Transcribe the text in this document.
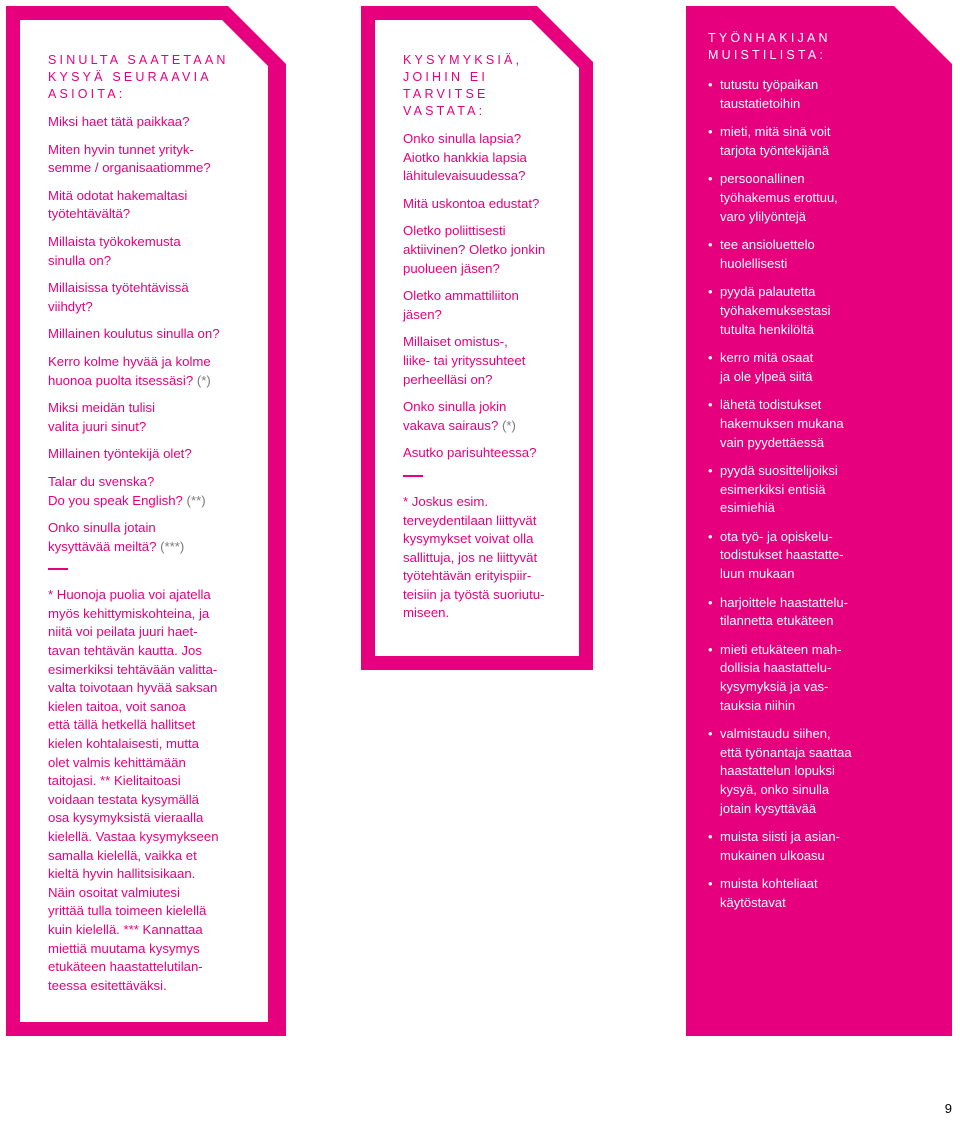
SINULTA SAATETAAN KYSYÄ SEURAAVIA ASIOITA:
Miksi haet tätä paikkaa?
Miten hyvin tunnet yrityk-
semme / organisaatiomme?
Mitä odotat hakemaltasi
työtehtävältä?
Millaista työkokemusta
sinulla on?
Millaisissa työtehtävissä
viihdyt?
Millainen koulutus sinulla on?
Kerro kolme hyvää ja kolme
huonoa puolta itsessäsi? (*)
Miksi meidän tulisi
valita juuri sinut?
Millainen työntekijä olet?
Talar du svenska?
Do you speak English? (**)
Onko sinulla jotain
kysyttävää meiltä? (***)
* Huonoja puolia voi ajatella
myös kehittymiskohteina, ja
niitä voi peilata juuri haet-
tavan tehtävän kautta. Jos
esimerkiksi tehtävään valitta-
valta toivotaan hyvää saksan
kielen taitoa, voit sanoa
että tällä hetkellä hallitset
kielen kohtalaisesti, mutta
olet valmis kehittämään
taitojasi. ** Kielitaitoasi
voidaan testata kysymällä
osa kysymyksistä vieraalla
kielellä. Vastaa kysymykseen
samalla kielellä, vaikka et
kieltä hyvin hallitsisikaan.
Näin osoitat valmiutesi
yrittää tulla toimeen kielellä
kuin kielellä. *** Kannattaa
miettiä muutama kysymys
etukäteen haastattelutilan-
teessa esitettäväksi.
KYSYMYKSIÄ,
JOIHIN EI
TARVITSE
VASTATA:
Onko sinulla lapsia?
Aiotko hankkia lapsia
lähitulevaisuudessa?
Mitä uskontoa edustat?
Oletko poliittisesti
aktiivinen? Oletko jonkin
puolueen jäsen?
Oletko ammattiliiton
jäsen?
Millaiset omistus-,
liike- tai yrityssuhteet
perheelläsi on?
Onko sinulla jokin
vakava sairaus? (*)
Asutko parisuhteessa?
* Joskus esim.
terveydentilaan liittyvät
kysymykset voivat olla
sallittuja, jos ne liittyvät
työtehtävän erityispiir-
teisiin ja työstä suoriutu-
miseen.
TYÖNHAKIJAN
MUISTILISTA:
• tutustu työpaikan
taustatietoihin
• mieti, mitä sinä voit
tarjota työntekijänä
• persoonallinen
työhakemus erottuu,
varo ylilyöntejä
• tee ansioluettelo
huolellisesti
• pyydä palautetta
työhakemuksestasi
tutulta henkilöltä
• kerro mitä osaat
ja ole ylpeä siitä
• lähetä todistukset
hakemuksen mukana
vain pyydettäessä
• pyydä suosittelijoiksi
esimerkiksi entisiä
esimiehiä
• ota työ- ja opiskelu-
todistukset haastatte-
luun mukaan
• harjoittele haastattelu-
tilannetta etukäteen
• mieti etukäteen mah-
dollisia haastattelu-
kysymyksiä ja vas-
tauksia niihin
• valmistaudu siihen,
että työnantaja saattaa
haastattelun lopuksi
kysyä, onko sinulla
jotain kysyttävää
• muista siisti ja asian-
mukainen ulkoasu
• muista kohteliaat
käytöstavat
9
